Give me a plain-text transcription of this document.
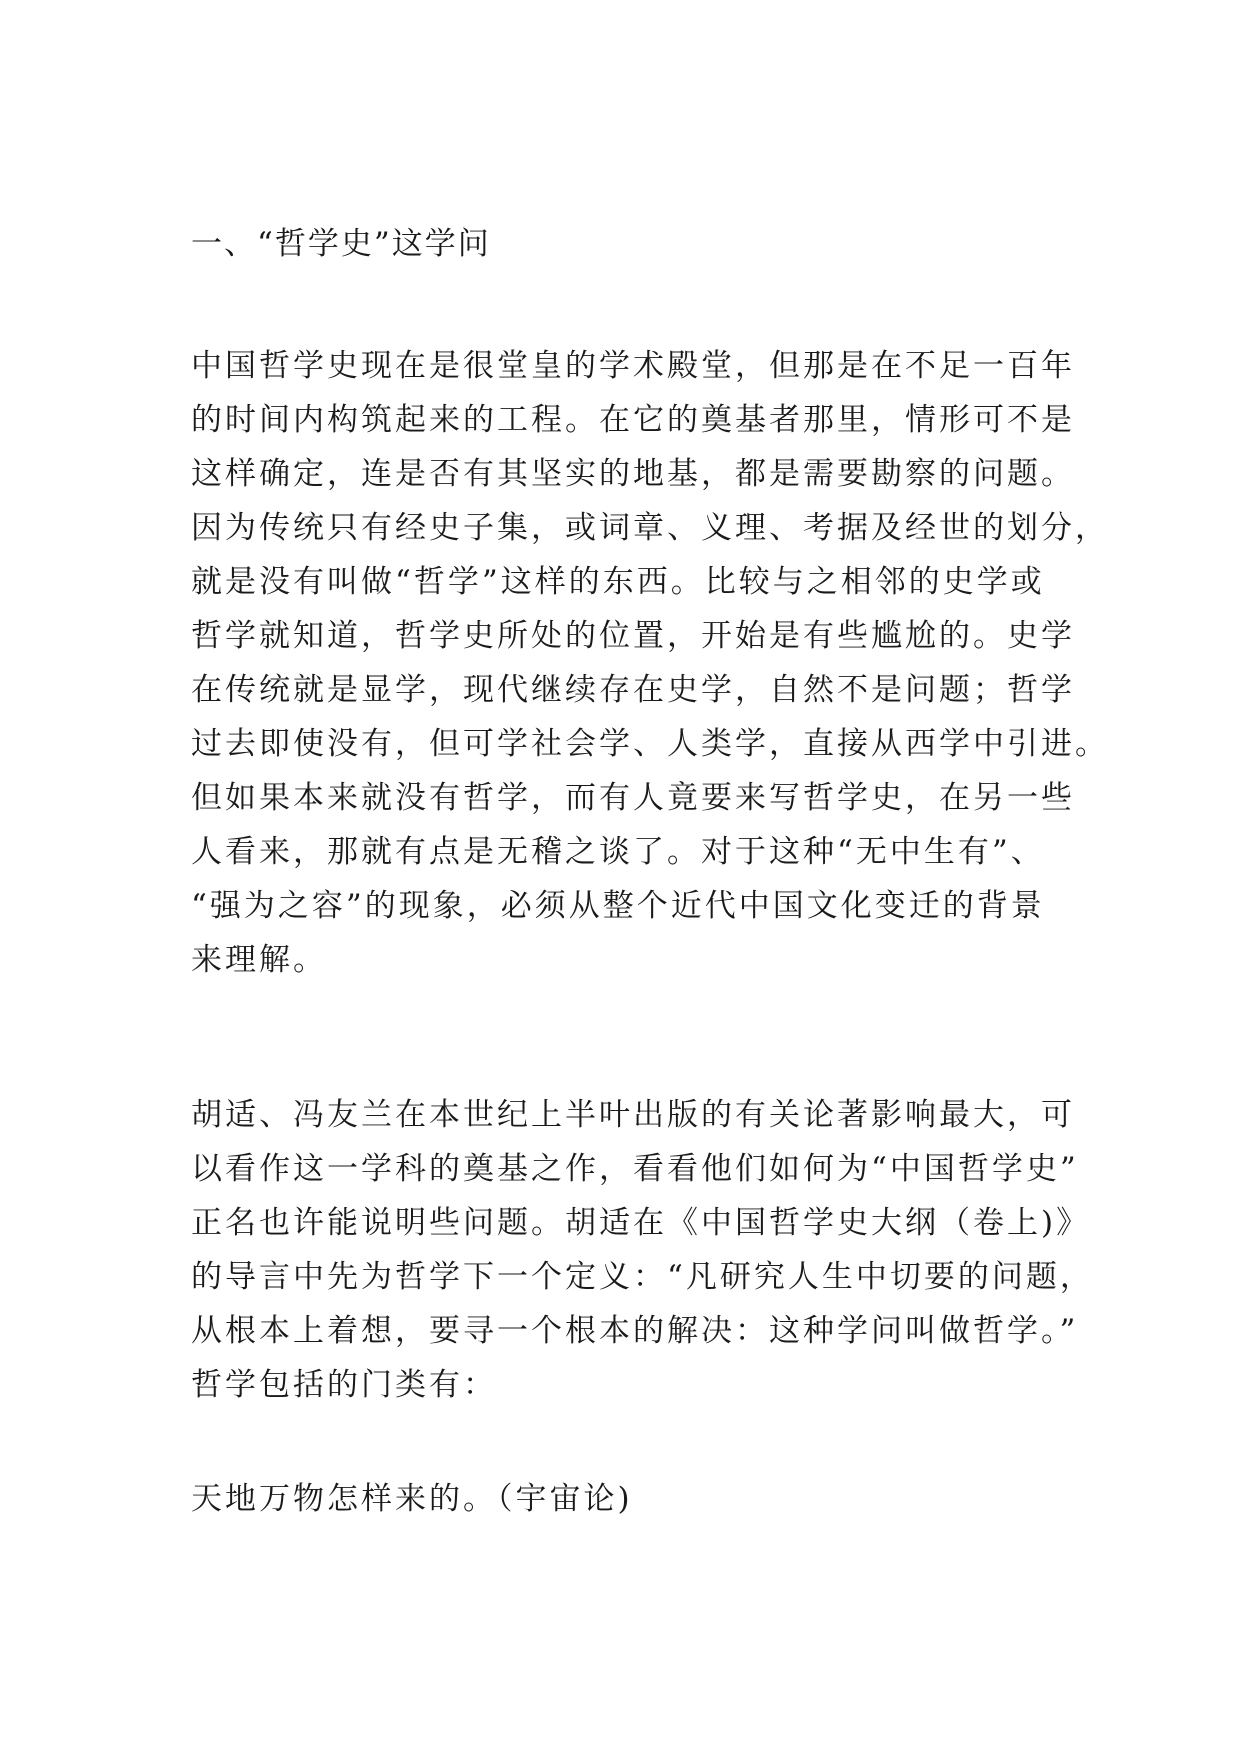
一、“哲学史”这学问
中国哲学史现在是很堂皇的学术殿堂，但那是在不足一百年
的时间内构筑起来的工程。在它的奠基者那里，情形可不是
这样确定，连是否有其坚实的地基，都是需要勘察的问题。
因为传统只有经史子集，或词章、义理、考据及经世的划分，
就是没有叫做“哲学”这样的东西。比较与之相邻的史学或
哲学就知道，哲学史所处的位置，开始是有些尴尬的。史学
在传统就是显学，现代继续存在史学，自然不是问题；哲学
过去即使没有，但可学社会学、人类学，直接从西学中引进。
但如果本来就没有哲学，而有人竟要来写哲学史，在另一些
人看来，那就有点是无稽之谈了。对于这种“无中生有”、
“强为之容”的现象，必须从整个近代中国文化变迁的背景
来理解。
胡适、冯友兰在本世纪上半叶出版的有关论著影响最大，可
以看作这一学科的奠基之作，看看他们如何为“中国哲学史”
正名也许能说明些问题。胡适在《中国哲学史大纲（卷上)》
的导言中先为哲学下一个定义：“凡研究人生中切要的问题，
从根本上着想，要寻一个根本的解决：这种学问叫做哲学。”
哲学包括的门类有：
天地万物怎样来的。（宇宙论)
